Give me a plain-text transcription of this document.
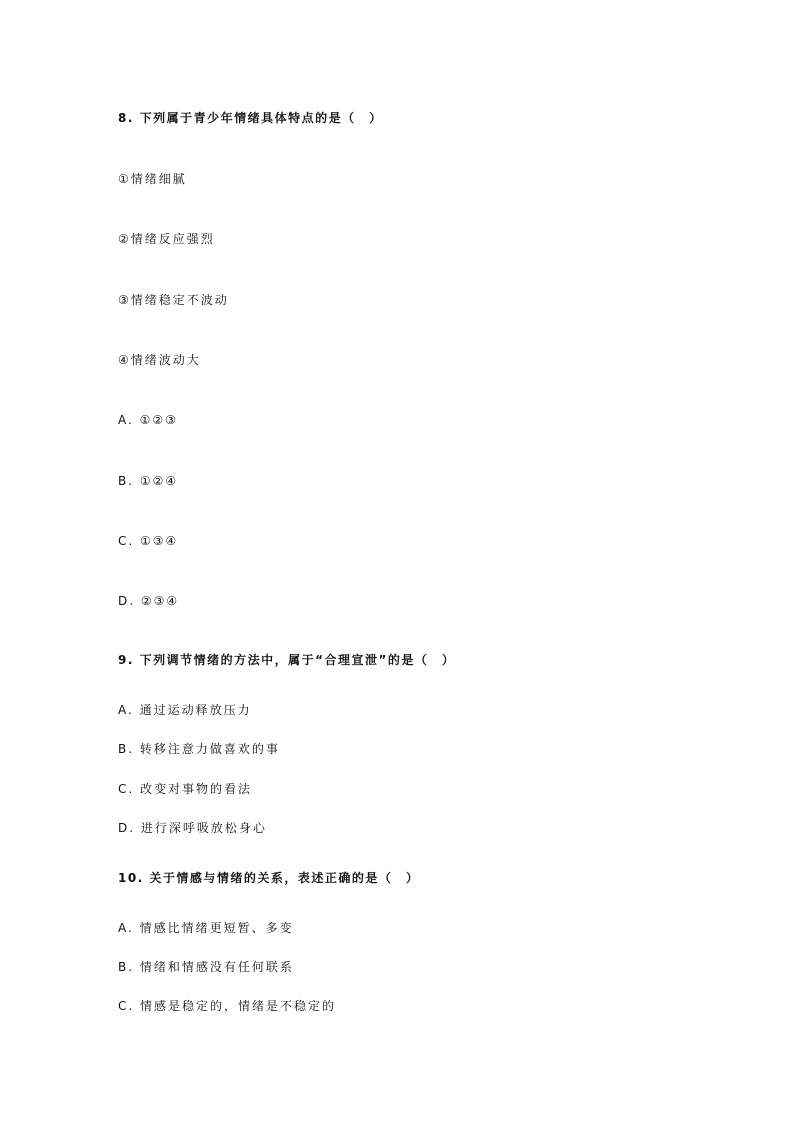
8. 下列属于青少年情绪具体特点的是（　）
①情绪细腻
②情绪反应强烈
③情绪稳定不波动
④情绪波动大
A. ①②③
B. ①②④
C. ①③④
D. ②③④
9. 下列调节情绪的方法中，属于“合理宣泄”的是（　）
A. 通过运动释放压力
B. 转移注意力做喜欢的事
C. 改变对事物的看法
D. 进行深呼吸放松身心
10. 关于情感与情绪的关系，表述正确的是（　）
A. 情感比情绪更短暂、多变
B. 情绪和情感没有任何联系
C. 情感是稳定的，情绪是不稳定的
